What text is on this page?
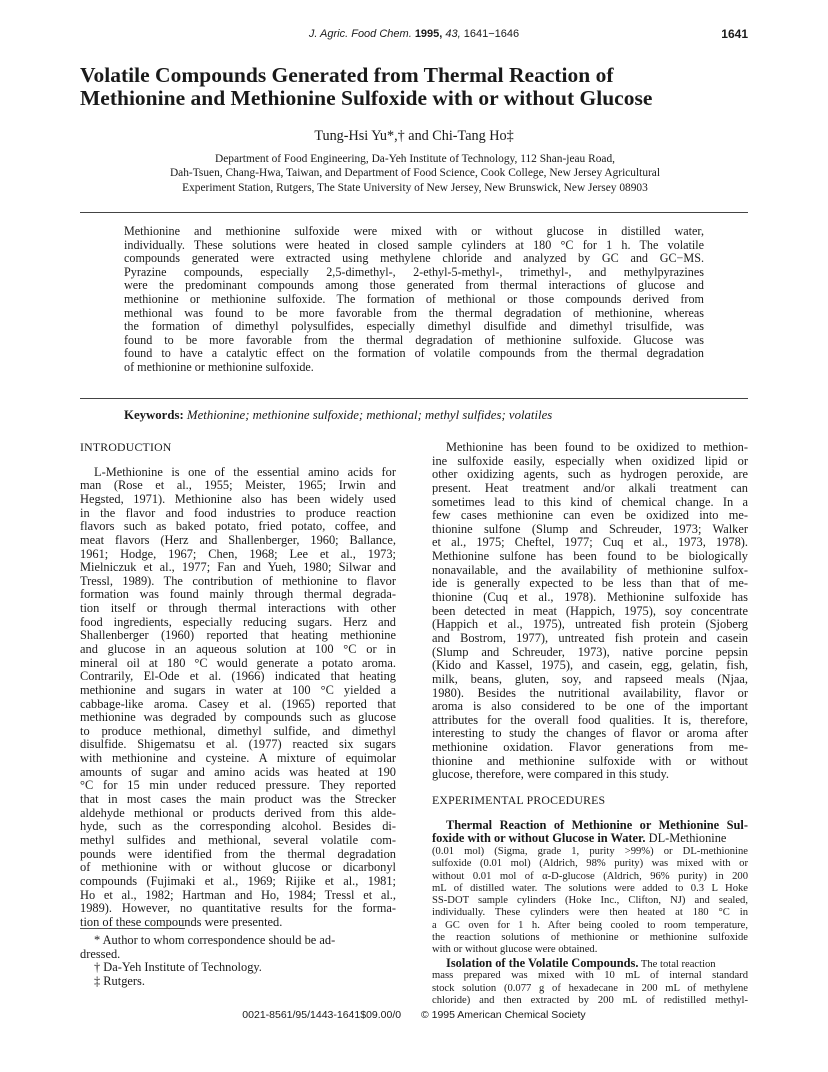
J. Agric. Food Chem. 1995, 43, 1641−1646	1641
Volatile Compounds Generated from Thermal Reaction of
Methionine and Methionine Sulfoxide with or without Glucose

Tung-Hsi Yu*,† and Chi-Tang Ho‡

Department of Food Engineering, Da-Yeh Institute of Technology, 112 Shan-jeau Road,
Dah-Tsuen, Chang-Hwa, Taiwan, and Department of Food Science, Cook College, New Jersey Agricultural
Experiment Station, Rutgers, The State University of New Jersey, New Brunswick, New Jersey 08903

Methionine and methionine sulfoxide were mixed with or without glucose in distilled water,
individually. These solutions were heated in closed sample cylinders at 180 °C for 1 h. The volatile
compounds generated were extracted using methylene chloride and analyzed by GC and GC−MS.
Pyrazine compounds, especially 2,5-dimethyl-, 2-ethyl-5-methyl-, trimethyl-, and methylpyrazines
were the predominant compounds among those generated from thermal interactions of glucose and
methionine or methionine sulfoxide. The formation of methional or those compounds derived from
methional was found to be more favorable from the thermal degradation of methionine, whereas
the formation of dimethyl polysulfides, especially dimethyl disulfide and dimethyl trisulfide, was
found to be more favorable from the thermal degradation of methionine sulfoxide. Glucose was
found to have a catalytic effect on the formation of volatile compounds from the thermal degradation
of methionine or methionine sulfoxide.

Keywords: Methionine; methionine sulfoxide; methional; methyl sulfides; volatiles

INTRODUCTION
L-Methionine is one of the essential amino acids for
man (Rose et al., 1955; Meister, 1965; Irwin and
Hegsted, 1971). Methionine also has been widely used
in the flavor and food industries to produce reaction
flavors such as baked potato, fried potato, coffee, and
meat flavors (Herz and Shallenberger, 1960; Ballance,
1961; Hodge, 1967; Chen, 1968; Lee et al., 1973;
Mielniczuk et al., 1977; Fan and Yueh, 1980; Silwar and
Tressl, 1989). The contribution of methionine to flavor
formation was found mainly through thermal degrada-
tion itself or through thermal interactions with other
food ingredients, especially reducing sugars. Herz and
Shallenberger (1960) reported that heating methionine
and glucose in an aqueous solution at 100 °C or in
mineral oil at 180 °C would generate a potato aroma.
Contrarily, El-Ode et al. (1966) indicated that heating
methionine and sugars in water at 100 °C yielded a
cabbage-like aroma. Casey et al. (1965) reported that
methionine was degraded by compounds such as glucose
to produce methional, dimethyl sulfide, and dimethyl
disulfide. Shigematsu et al. (1977) reacted six sugars
with methionine and cysteine. A mixture of equimolar
amounts of sugar and amino acids was heated at 190
°C for 15 min under reduced pressure. They reported
that in most cases the main product was the Strecker
aldehyde methional or products derived from this alde-
hyde, such as the corresponding alcohol. Besides di-
methyl sulfides and methional, several volatile com-
pounds were identified from the thermal degradation
of methionine with or without glucose or dicarbonyl
compounds (Fujimaki et al., 1969; Rijike et al., 1981;
Ho et al., 1982; Hartman and Ho, 1984; Tressl et al.,
1989). However, no quantitative results for the forma-
tion of these compounds were presented.
* Author to whom correspondence should be ad-
dressed.
† Da-Yeh Institute of Technology.
‡ Rutgers.
Methionine has been found to be oxidized to methion-
ine sulfoxide easily, especially when oxidized lipid or
other oxidizing agents, such as hydrogen peroxide, are
present. Heat treatment and/or alkali treatment can
sometimes lead to this kind of chemical change. In a
few cases methionine can even be oxidized into me-
thionine sulfone (Slump and Schreuder, 1973; Walker
et al., 1975; Cheftel, 1977; Cuq et al., 1973, 1978).
Methionine sulfone has been found to be biologically
nonavailable, and the availability of methionine sulfox-
ide is generally expected to be less than that of me-
thionine (Cuq et al., 1978). Methionine sulfoxide has
been detected in meat (Happich, 1975), soy concentrate
(Happich et al., 1975), untreated fish protein (Sjoberg
and Bostrom, 1977), untreated fish protein and casein
(Slump and Schreuder, 1973), native porcine pepsin
(Kido and Kassel, 1975), and casein, egg, gelatin, fish,
milk, beans, gluten, soy, and rapseed meals (Njaa,
1980). Besides the nutritional availability, flavor or
aroma is also considered to be one of the important
attributes for the overall food qualities. It is, therefore,
interesting to study the changes of flavor or aroma after
methionine oxidation. Flavor generations from me-
thionine and methionine sulfoxide with or without
glucose, therefore, were compared in this study.
EXPERIMENTAL PROCEDURES
Thermal Reaction of Methionine or Methionine Sul-
foxide with or without Glucose in Water. DL-Methionine
(0.01 mol) (Sigma, grade 1, purity >99%) or DL-methionine
sulfoxide (0.01 mol) (Aldrich, 98% purity) was mixed with or
without 0.01 mol of α-D-glucose (Aldrich, 96% purity) in 200
mL of distilled water. The solutions were added to 0.3 L Hoke
SS-DOT sample cylinders (Hoke Inc., Clifton, NJ) and sealed,
individually. These cylinders were then heated at 180 °C in
a GC oven for 1 h. After being cooled to room temperature,
the reaction solutions of methionine or methionine sulfoxide
with or without glucose were obtained.
Isolation of the Volatile Compounds. The total reaction
mass prepared was mixed with 10 mL of internal standard
stock solution (0.077 g of hexadecane in 200 mL of methylene
chloride) and then extracted by 200 mL of redistilled methyl-
0021-8561/95/1443-1641$09.00/0 © 1995 American Chemical Society
